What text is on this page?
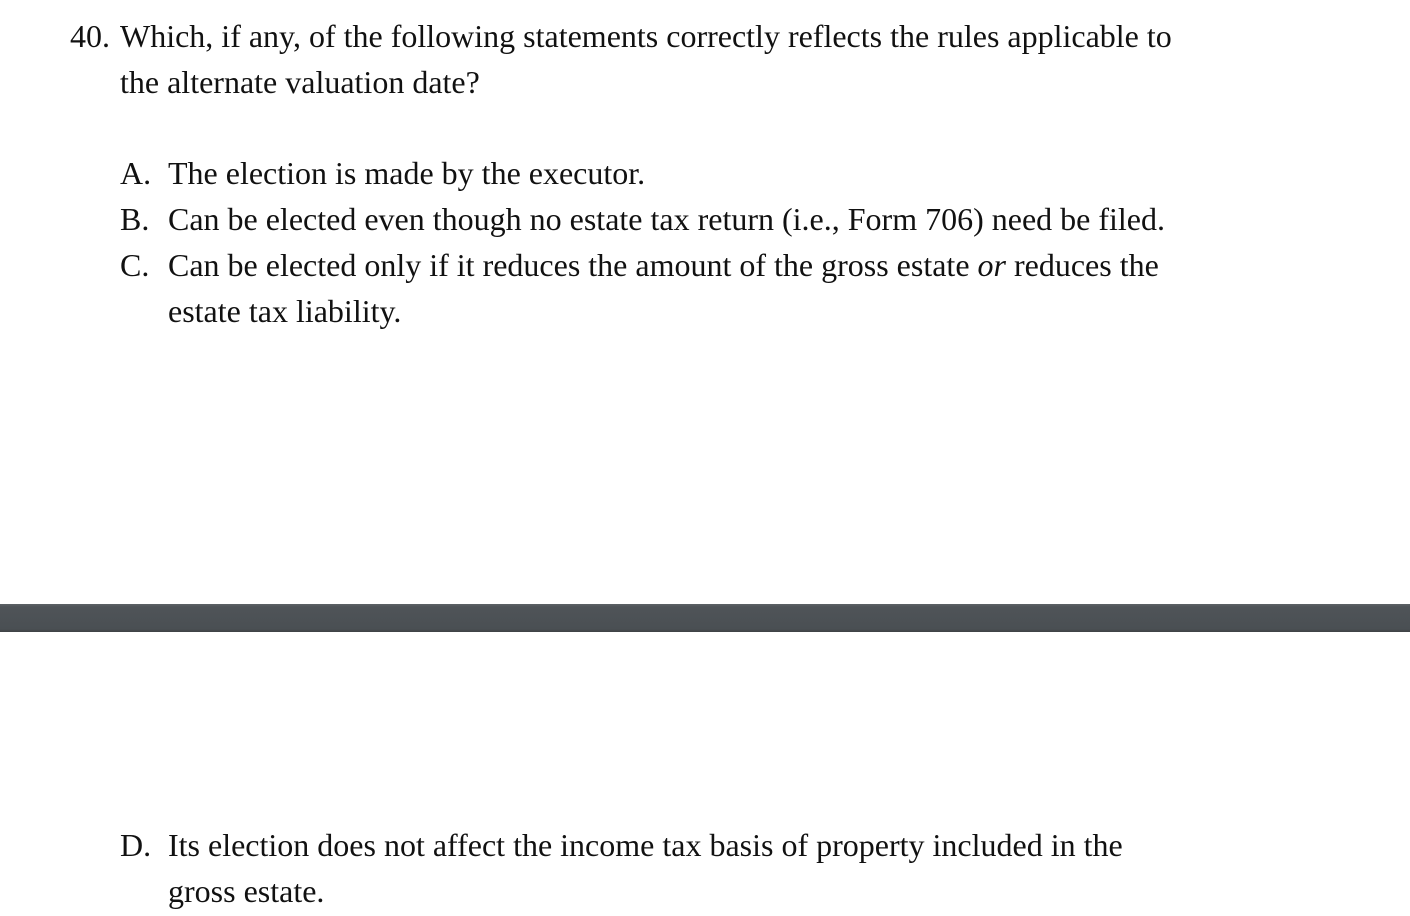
40. Which, if any, of the following statements correctly reflects the rules applicable to
the alternate valuation date?
A. The election is made by the executor.
B. Can be elected even though no estate tax return (i.e., Form 706) need be filed.
C. Can be elected only if it reduces the amount of the gross estate or reduces the
estate tax liability.
D. Its election does not affect the income tax basis of property included in the
gross estate.
